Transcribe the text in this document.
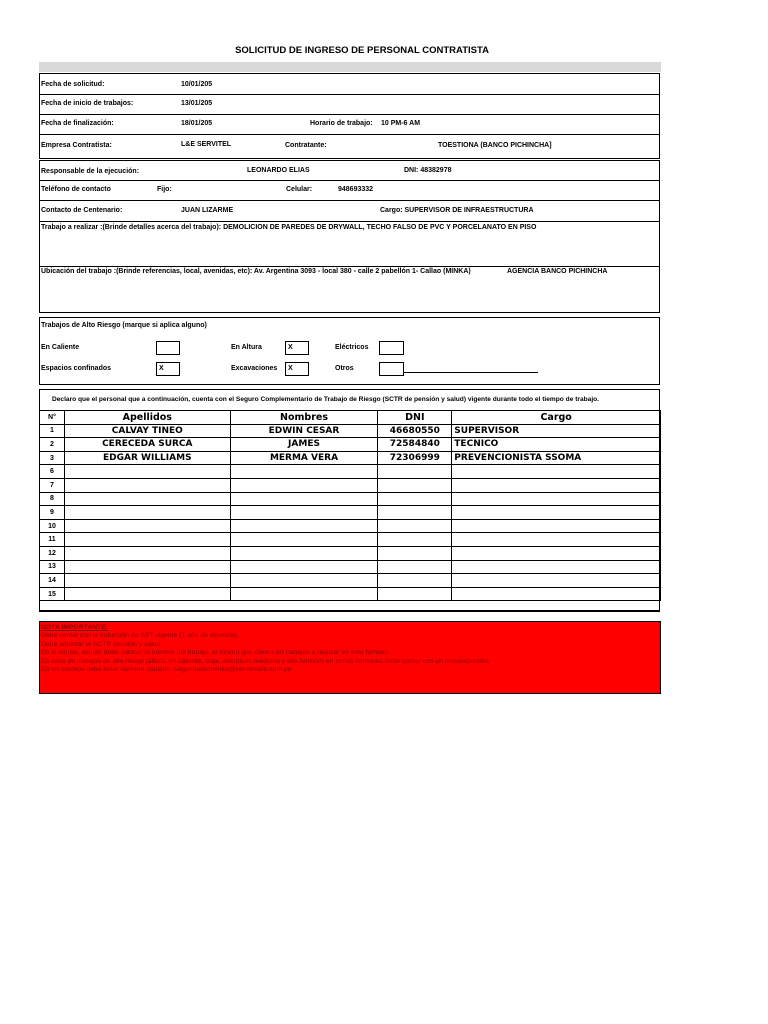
SOLICITUD DE INGRESO DE PERSONAL CONTRATISTA
Fecha de solicitud:	10/01/205
Fecha de inicio de trabajos:	13/01/205
Fecha de finalización:	18/01/205	Horario de trabajo: 10 PM-6 AM
Empresa Contratista:	L&E SERVITEL	Contratante:	TOESTIONA (BANCO PICHINCHA]
Responsable de la ejecución:	LEONARDO ELIAS	DNI: 48382978
Teléfono de contacto	Fijo:	Celular:	948693332
Contacto de Centenario:	JUAN LIZARME	Cargo: SUPERVISOR DE INFRAESTRUCTURA
Trabajo a realizar :(Brinde detalles acerca del trabajo): DEMOLICION DE PAREDES DE DRYWALL, TECHO FALSO DE PVC Y PORCELANATO EN PISO
Ubicación del trabajo :(Brinde referencias, local, avenidas, etc): Av. Argentina 3093 - local 380 - calle 2 pabellón 1- Callao (MINKA)	AGENCIA BANCO PICHINCHA
Trabajos de Alto Riesgo (marque si aplica alguno)
En Caliente	En Altura	X	Eléctricos
Espacios confinados	X	Excavaciones	X	Otros
Declaro que el personal que a continuación, cuenta con el Seguro Complementario de Trabajo de Riesgo (SCTR de pensión y salud) vigente durante todo el tiempo de trabajo.
N°	Apellidos	Nombres	DNI	Cargo
1	CALVAY TINEO	EDWIN CESAR	46680550	SUPERVISOR
2	CERECEDA SURCA	JAMES	72584840	TECNICO
3	EDGAR WILLIAMS	MERMA VERA	72306999	PREVENCIONISTA SSOMA
6				
7				
8				
9				
10				
11				
12				
13				
14				
15				
NOTA IMPORTANTE:
Debe contar con la Inducción de SST vigente (1 año de vigencia).
Debe adjuntar el SCTR pensión y salud.
En el correo, asunto debe colocar el nombre del trabajo, el mismo que coloca en trabajos a realizar en este formato.
En caso de trabajos de alto riesgo (altura, en caliente, izaje, eléctricos mediana y alta tensión) en zonas comunes debe contar con un prevencionista.
En los correos debe estar siempre copiado: seguridadccminka@centenario.com.pe
